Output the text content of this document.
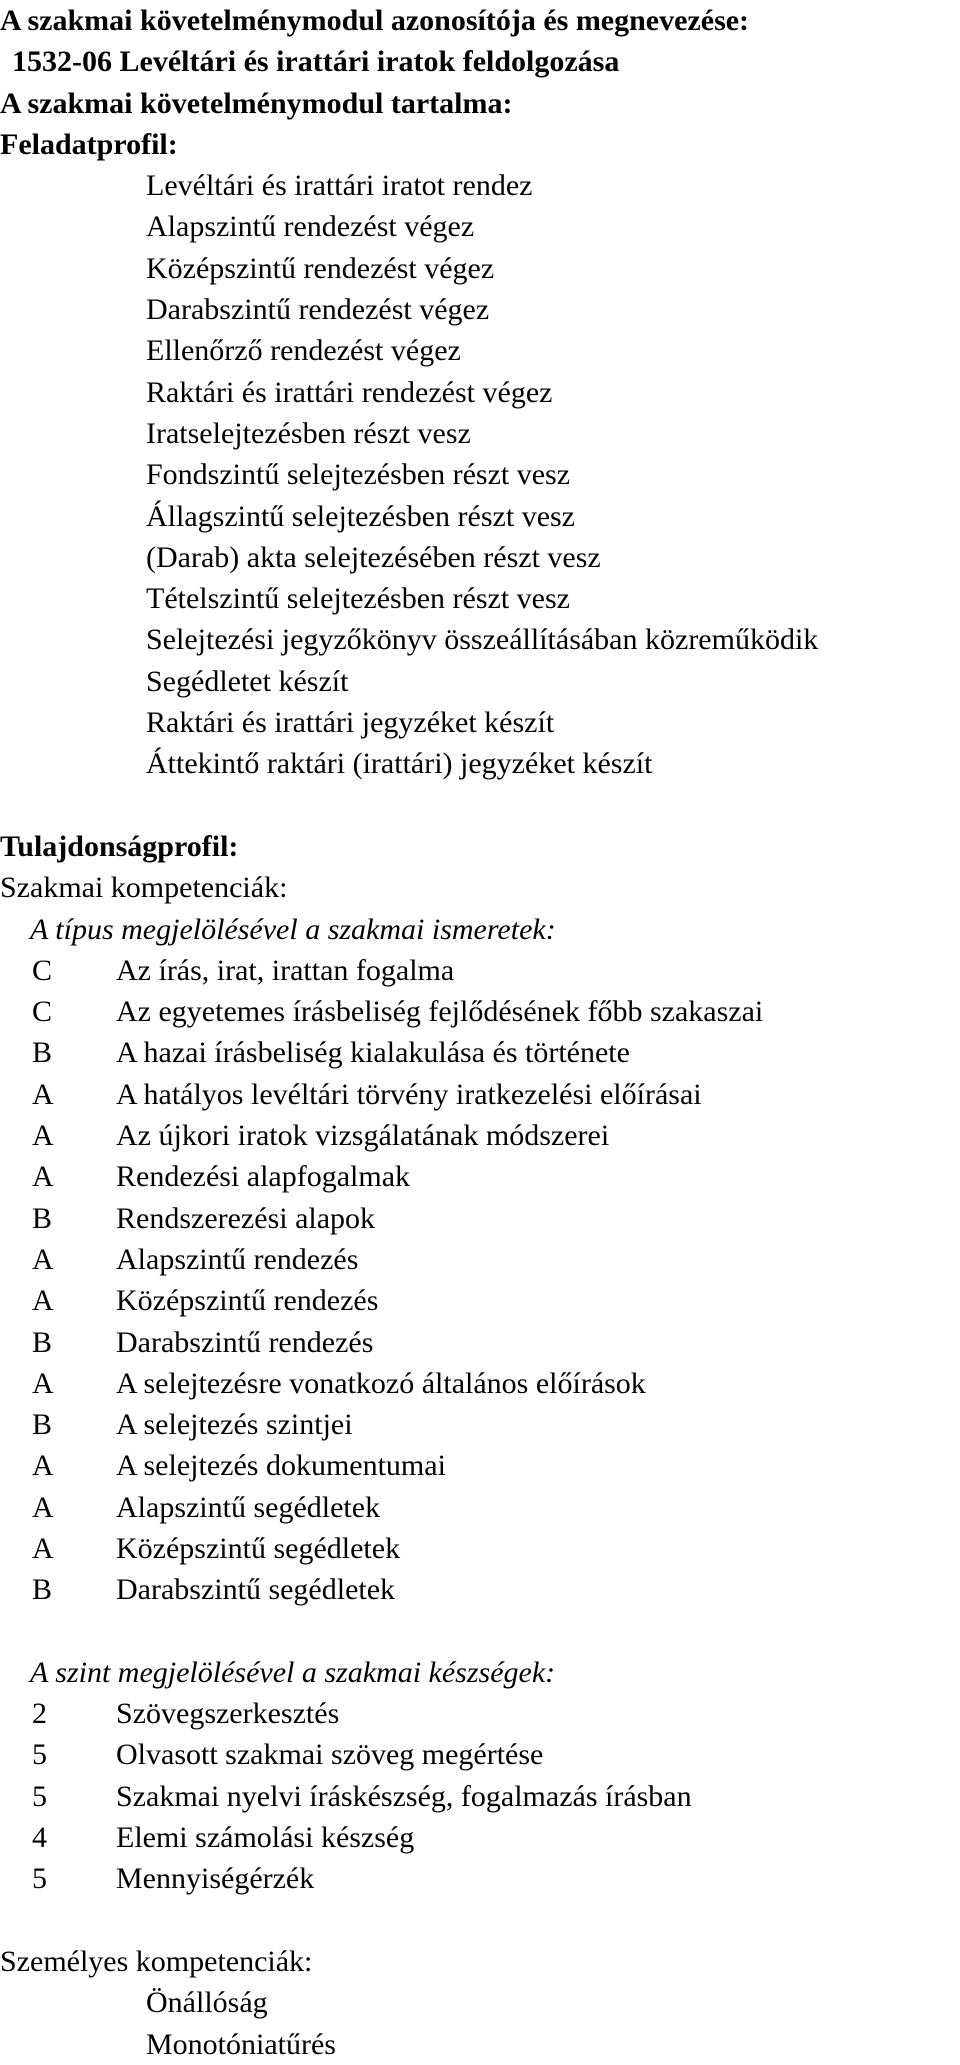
A szakmai követelménymodul azonosítója és megnevezése:
1532-06 Levéltári és irattári iratok feldolgozása
A szakmai követelménymodul tartalma:
Feladatprofil:
Levéltári és irattári iratot rendez
Alapszintű rendezést végez
Középszintű rendezést végez
Darabszintű rendezést végez
Ellenőrző rendezést végez
Raktári és irattári rendezést végez
Iratselejtezésben részt vesz
Fondszintű selejtezésben részt vesz
Állagszintű selejtezésben részt vesz
(Darab) akta selejtezésében részt vesz
Tételszintű selejtezésben részt vesz
Selejtezési jegyzőkönyv összeállításában közreműködik
Segédletet készít
Raktári és irattári jegyzéket készít
Áttekintő raktári (irattári) jegyzéket készít
Tulajdonságprofil:
Szakmai kompetenciák:
A típus megjelölésével a szakmai ismeretek:
C	Az írás, irat, irattan fogalma
C	Az egyetemes írásbeliség fejlődésének főbb szakaszai
B	A hazai írásbeliség kialakulása és története
A	A hatályos levéltári törvény iratkezelési előírásai
A	Az újkori iratok vizsgálatának módszerei
A	Rendezési alapfogalmak
B	Rendszerezési alapok
A	Alapszintű rendezés
A	Középszintű rendezés
B	Darabszintű rendezés
A	A selejtezésre vonatkozó általános előírások
B	A selejtezés szintjei
A	A selejtezés dokumentumai
A	Alapszintű segédletek
A	Középszintű segédletek
B	Darabszintű segédletek
A szint megjelölésével a szakmai készségek:
2	Szövegszerkesztés
5	Olvasott szakmai szöveg megértése
5	Szakmai nyelvi íráskészség, fogalmazás írásban
4	Elemi számolási készség
5	Mennyiségérzék
Személyes kompetenciák:
Önállóság
Monotóniatűrés
